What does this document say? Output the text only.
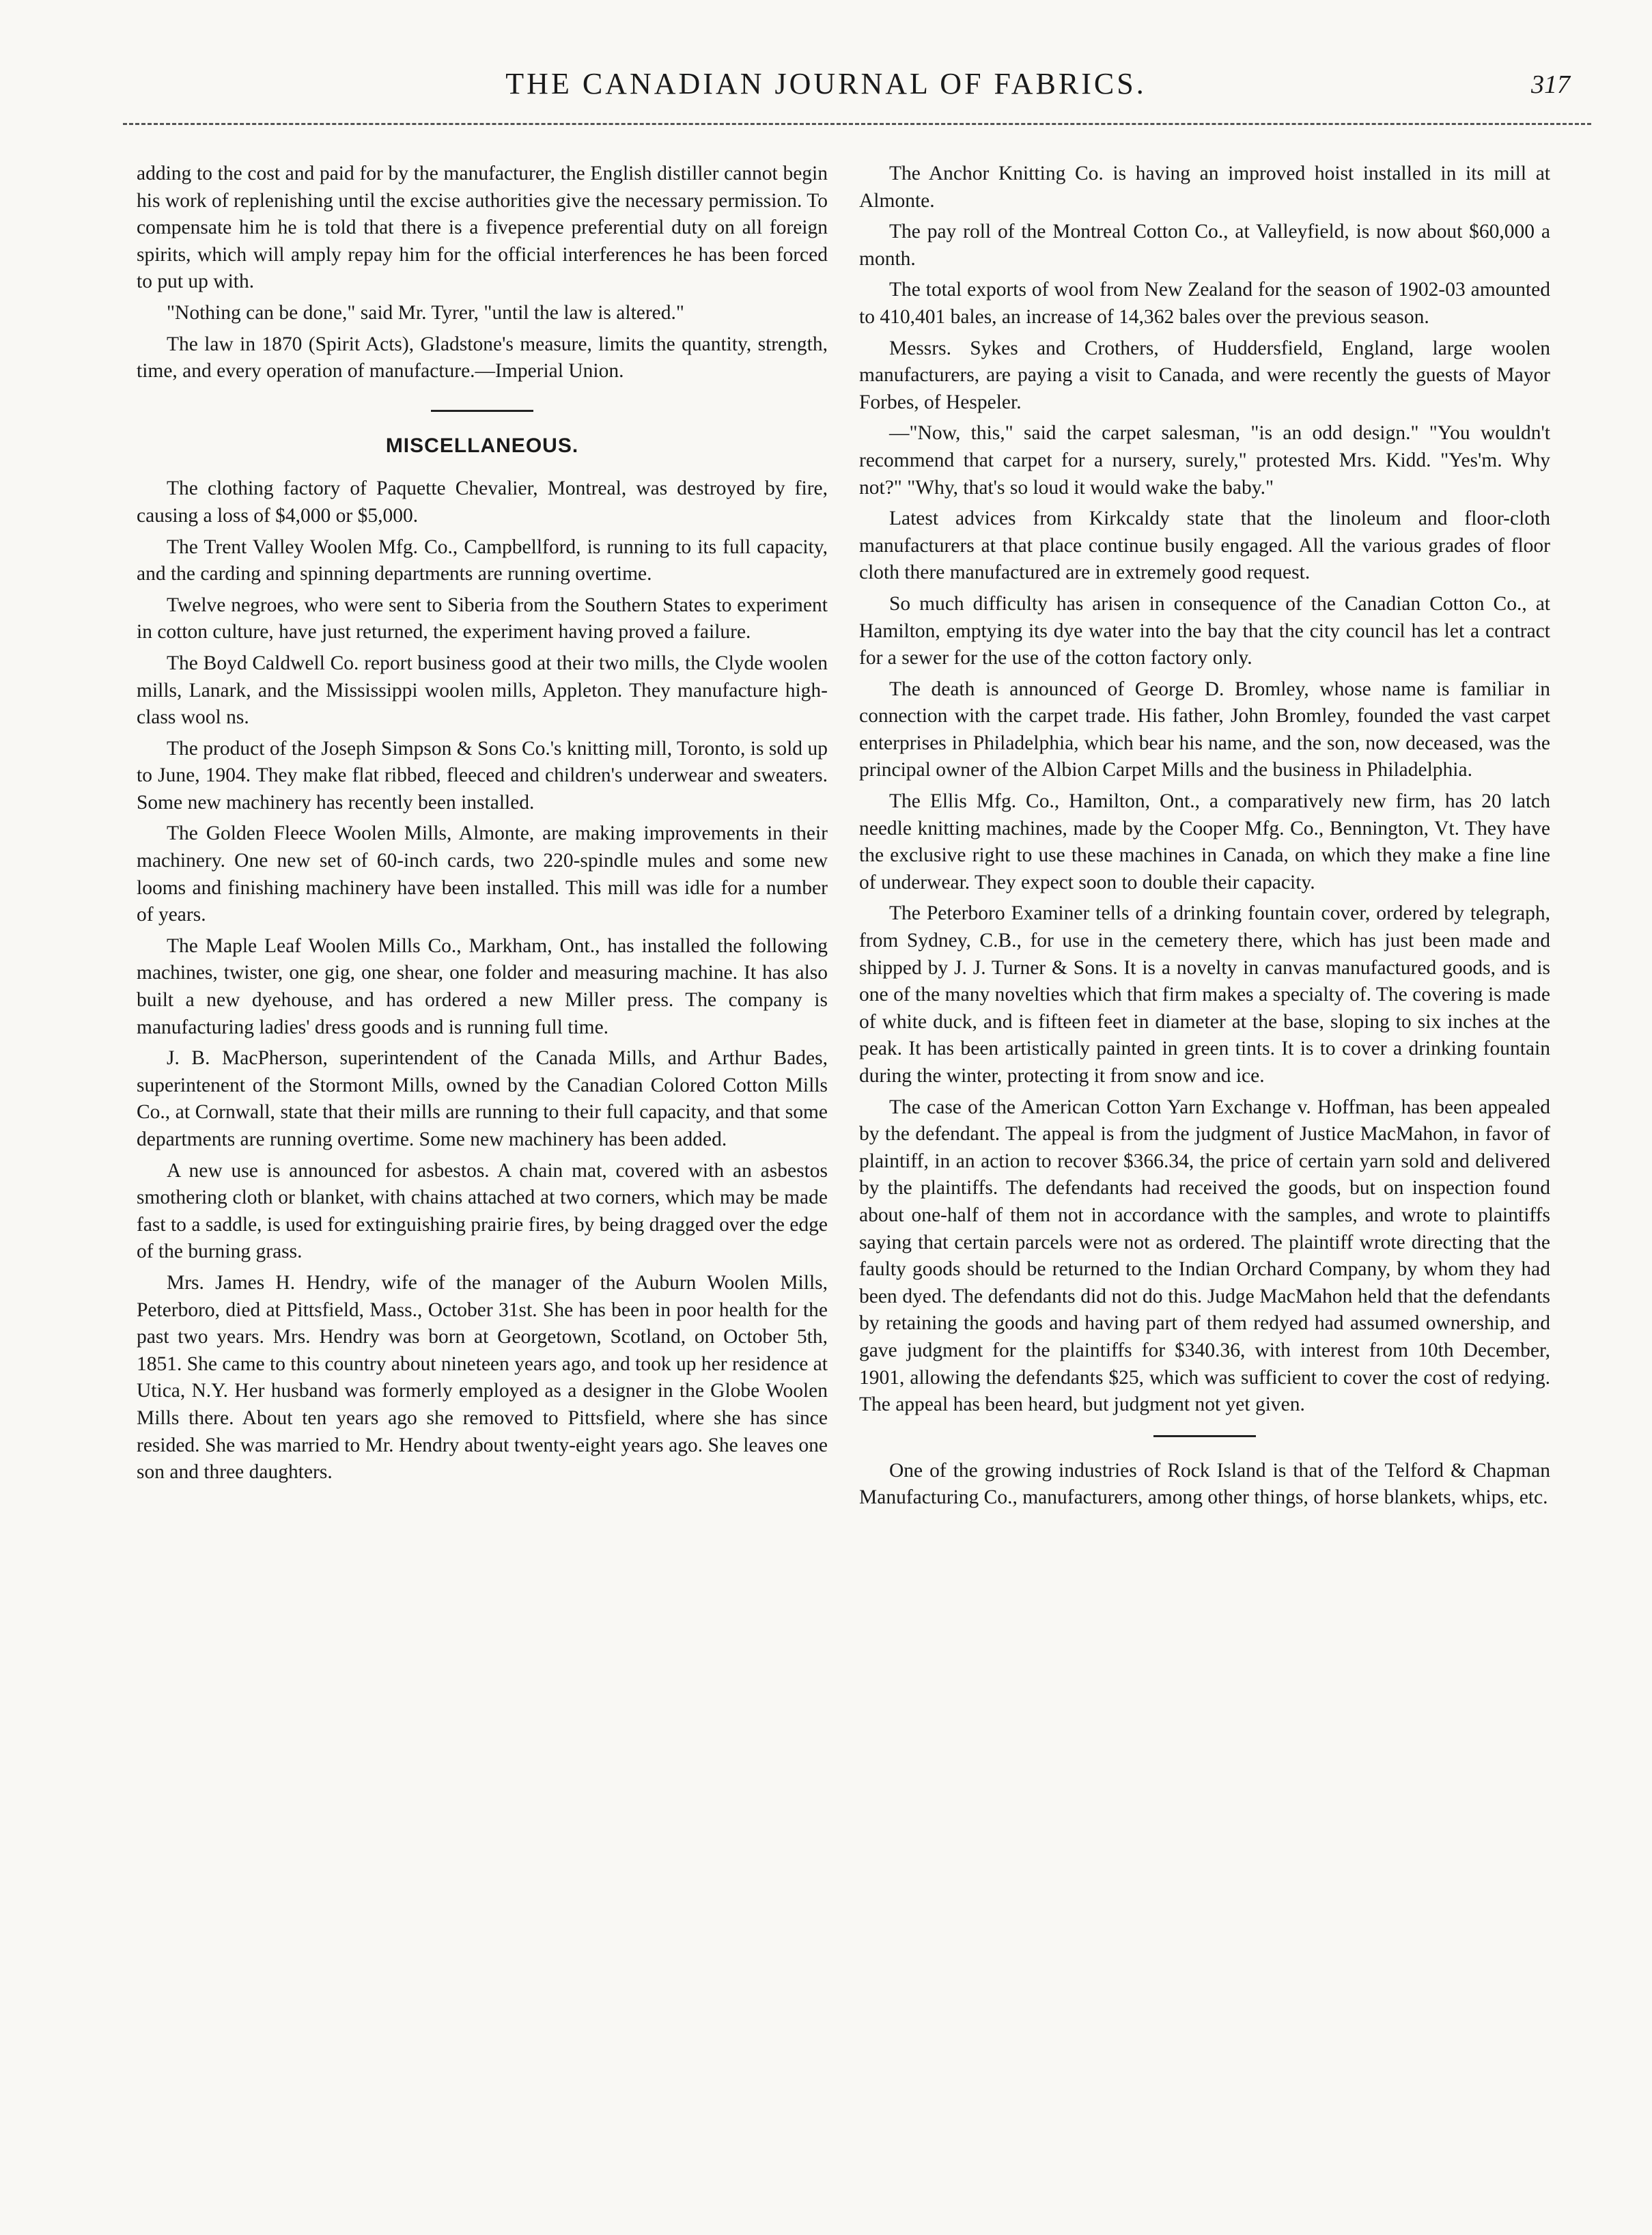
THE CANADIAN JOURNAL OF FABRICS.	317

adding to the cost and paid for by the manufacturer, the English distiller cannot begin his work of replenishing until the excise authorities give the necessary permission. To compensate him he is told that there is a fivepence preferential duty on all foreign spirits, which will amply repay him for the official interferences he has been forced to put up with.

"Nothing can be done," said Mr. Tyrer, "until the law is altered."

The law in 1870 (Spirit Acts), Gladstone's measure, limits the quantity, strength, time, and every operation of manufacture.—Imperial Union.

MISCELLANEOUS.

The clothing factory of Paquette Chevalier, Montreal, was destroyed by fire, causing a loss of $4,000 or $5,000.

The Trent Valley Woolen Mfg. Co., Campbellford, is running to its full capacity, and the carding and spinning departments are running overtime.

Twelve negroes, who were sent to Siberia from the Southern States to experiment in cotton culture, have just returned, the experiment having proved a failure.

The Boyd Caldwell Co. report business good at their two mills, the Clyde woolen mills, Lanark, and the Mississippi woolen mills, Appleton. They manufacture high-class wool ns.

The product of the Joseph Simpson & Sons Co.'s knitting mill, Toronto, is sold up to June, 1904. They make flat ribbed, fleeced and children's underwear and sweaters. Some new machinery has recently been installed.

The Golden Fleece Woolen Mills, Almonte, are making improvements in their machinery. One new set of 60-inch cards, two 220-spindle mules and some new looms and finishing machinery have been installed. This mill was idle for a number of years.

The Maple Leaf Woolen Mills Co., Markham, Ont., has installed the following machines, twister, one gig, one shear, one folder and measuring machine. It has also built a new dyehouse, and has ordered a new Miller press. The company is manufacturing ladies' dress goods and is running full time.

J. B. MacPherson, superintendent of the Canada Mills, and Arthur Bades, superintenent of the Stormont Mills, owned by the Canadian Colored Cotton Mills Co., at Cornwall, state that their mills are running to their full capacity, and that some departments are running overtime. Some new machinery has been added.

A new use is announced for asbestos. A chain mat, covered with an asbestos smothering cloth or blanket, with chains attached at two corners, which may be made fast to a saddle, is used for extinguishing prairie fires, by being dragged over the edge of the burning grass.

Mrs. James H. Hendry, wife of the manager of the Auburn Woolen Mills, Peterboro, died at Pittsfield, Mass., October 31st. She has been in poor health for the past two years. Mrs. Hendry was born at Georgetown, Scotland, on October 5th, 1851. She came to this country about nineteen years ago, and took up her residence at Utica, N.Y. Her husband was formerly employed as a designer in the Globe Woolen Mills there. About ten years ago she removed to Pittsfield, where she has since resided. She was married to Mr. Hendry about twenty-eight years ago. She leaves one son and three daughters.

The Anchor Knitting Co. is having an improved hoist installed in its mill at Almonte.

The pay roll of the Montreal Cotton Co., at Valleyfield, is now about $60,000 a month.

The total exports of wool from New Zealand for the season of 1902-03 amounted to 410,401 bales, an increase of 14,362 bales over the previous season.

Messrs. Sykes and Crothers, of Huddersfield, England, large woolen manufacturers, are paying a visit to Canada, and were recently the guests of Mayor Forbes, of Hespeler.

—"Now, this," said the carpet salesman, "is an odd design." "You wouldn't recommend that carpet for a nursery, surely," protested Mrs. Kidd. "Yes'm. Why not?" "Why, that's so loud it would wake the baby."

Latest advices from Kirkcaldy state that the linoleum and floor-cloth manufacturers at that place continue busily engaged. All the various grades of floor cloth there manufactured are in extremely good request.

So much difficulty has arisen in consequence of the Canadian Cotton Co., at Hamilton, emptying its dye water into the bay that the city council has let a contract for a sewer for the use of the cotton factory only.

The death is announced of George D. Bromley, whose name is familiar in connection with the carpet trade. His father, John Bromley, founded the vast carpet enterprises in Philadelphia, which bear his name, and the son, now deceased, was the principal owner of the Albion Carpet Mills and the business in Philadelphia.

The Ellis Mfg. Co., Hamilton, Ont., a comparatively new firm, has 20 latch needle knitting machines, made by the Cooper Mfg. Co., Bennington, Vt. They have the exclusive right to use these machines in Canada, on which they make a fine line of underwear. They expect soon to double their capacity.

The Peterboro Examiner tells of a drinking fountain cover, ordered by telegraph, from Sydney, C.B., for use in the cemetery there, which has just been made and shipped by J. J. Turner & Sons. It is a novelty in canvas manufactured goods, and is one of the many novelties which that firm makes a specialty of. The covering is made of white duck, and is fifteen feet in diameter at the base, sloping to six inches at the peak. It has been artistically painted in green tints. It is to cover a drinking fountain during the winter, protecting it from snow and ice.

The case of the American Cotton Yarn Exchange v. Hoffman, has been appealed by the defendant. The appeal is from the judgment of Justice MacMahon, in favor of plaintiff, in an action to recover $366.34, the price of certain yarn sold and delivered by the plaintiffs. The defendants had received the goods, but on inspection found about one-half of them not in accordance with the samples, and wrote to plaintiffs saying that certain parcels were not as ordered. The plaintiff wrote directing that the faulty goods should be returned to the Indian Orchard Company, by whom they had been dyed. The defendants did not do this. Judge MacMahon held that the defendants by retaining the goods and having part of them redyed had assumed ownership, and gave judgment for the plaintiffs for $340.36, with interest from 10th December, 1901, allowing the defendants $25, which was sufficient to cover the cost of redying. The appeal has been heard, but judgment not yet given.

One of the growing industries of Rock Island is that of the Telford & Chapman Manufacturing Co., manufacturers, among other things, of horse blankets, whips, etc.
